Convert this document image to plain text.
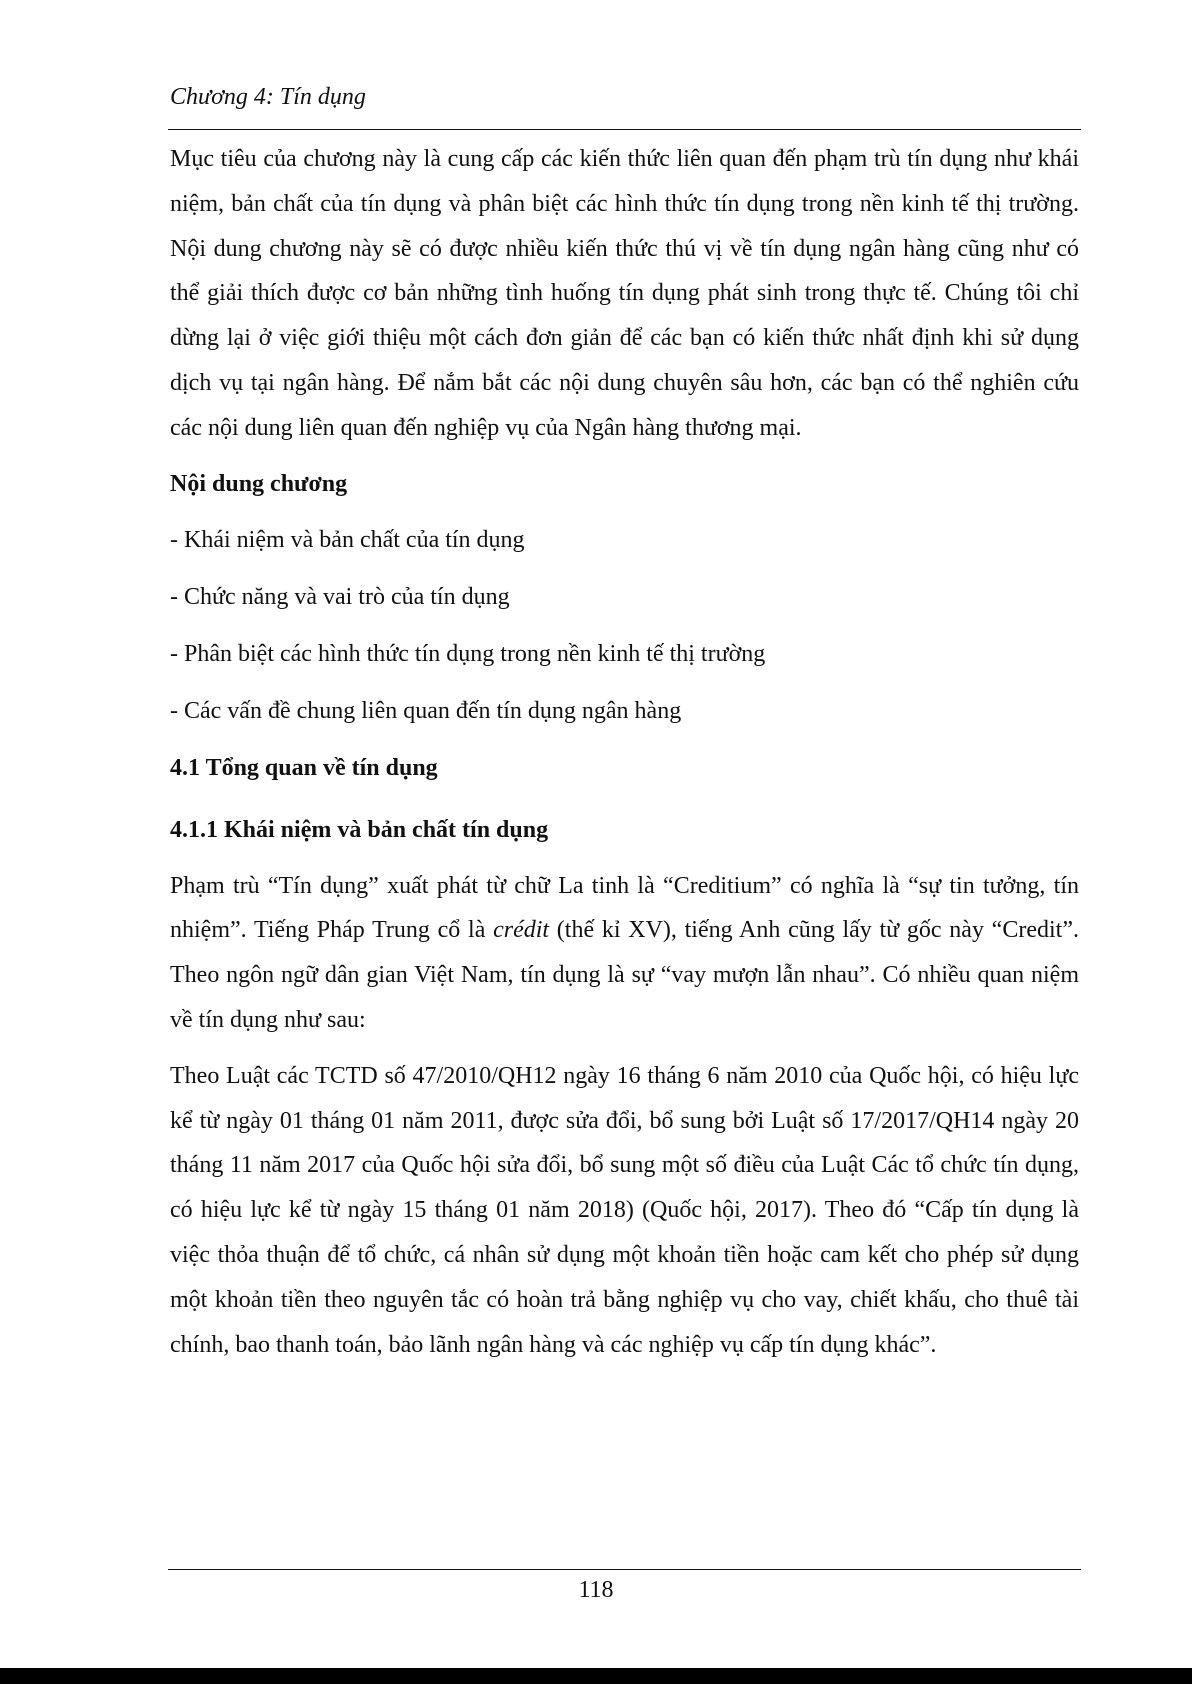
Chương 4: Tín dụng

Mục tiêu của chương này là cung cấp các kiến thức liên quan đến phạm trù tín dụng như khái niệm, bản chất của tín dụng và phân biệt các hình thức tín dụng trong nền kinh tế thị trường. Nội dung chương này sẽ có được nhiều kiến thức thú vị về tín dụng ngân hàng cũng như có thể giải thích được cơ bản những tình huống tín dụng phát sinh trong thực tế. Chúng tôi chỉ dừng lại ở việc giới thiệu một cách đơn giản để các bạn có kiến thức nhất định khi sử dụng dịch vụ tại ngân hàng. Để nắm bắt các nội dung chuyên sâu hơn, các bạn có thể nghiên cứu các nội dung liên quan đến nghiệp vụ của Ngân hàng thương mại.

Nội dung chương

- Khái niệm và bản chất của tín dụng

- Chức năng và vai trò của tín dụng

- Phân biệt các hình thức tín dụng trong nền kinh tế thị trường

- Các vấn đề chung liên quan đến tín dụng ngân hàng

4.1 Tổng quan về tín dụng

4.1.1 Khái niệm và bản chất tín dụng

Phạm trù “Tín dụng” xuất phát từ chữ La tinh là “Creditium” có nghĩa là “sự tin tưởng, tín nhiệm”. Tiếng Pháp Trung cổ là crédit (thế kỉ XV), tiếng Anh cũng lấy từ gốc này “Credit”. Theo ngôn ngữ dân gian Việt Nam, tín dụng là sự “vay mượn lẫn nhau”. Có nhiều quan niệm về tín dụng như sau:

Theo Luật các TCTD số 47/2010/QH12 ngày 16 tháng 6 năm 2010 của Quốc hội, có hiệu lực kể từ ngày 01 tháng 01 năm 2011, được sửa đổi, bổ sung bởi Luật số 17/2017/QH14 ngày 20 tháng 11 năm 2017 của Quốc hội sửa đổi, bổ sung một số điều của Luật Các tổ chức tín dụng, có hiệu lực kể từ ngày 15 tháng 01 năm 2018) (Quốc hội, 2017). Theo đó “Cấp tín dụng là việc thỏa thuận để tổ chức, cá nhân sử dụng một khoản tiền hoặc cam kết cho phép sử dụng một khoản tiền theo nguyên tắc có hoàn trả bằng nghiệp vụ cho vay, chiết khấu, cho thuê tài chính, bao thanh toán, bảo lãnh ngân hàng và các nghiệp vụ cấp tín dụng khác”.

118
